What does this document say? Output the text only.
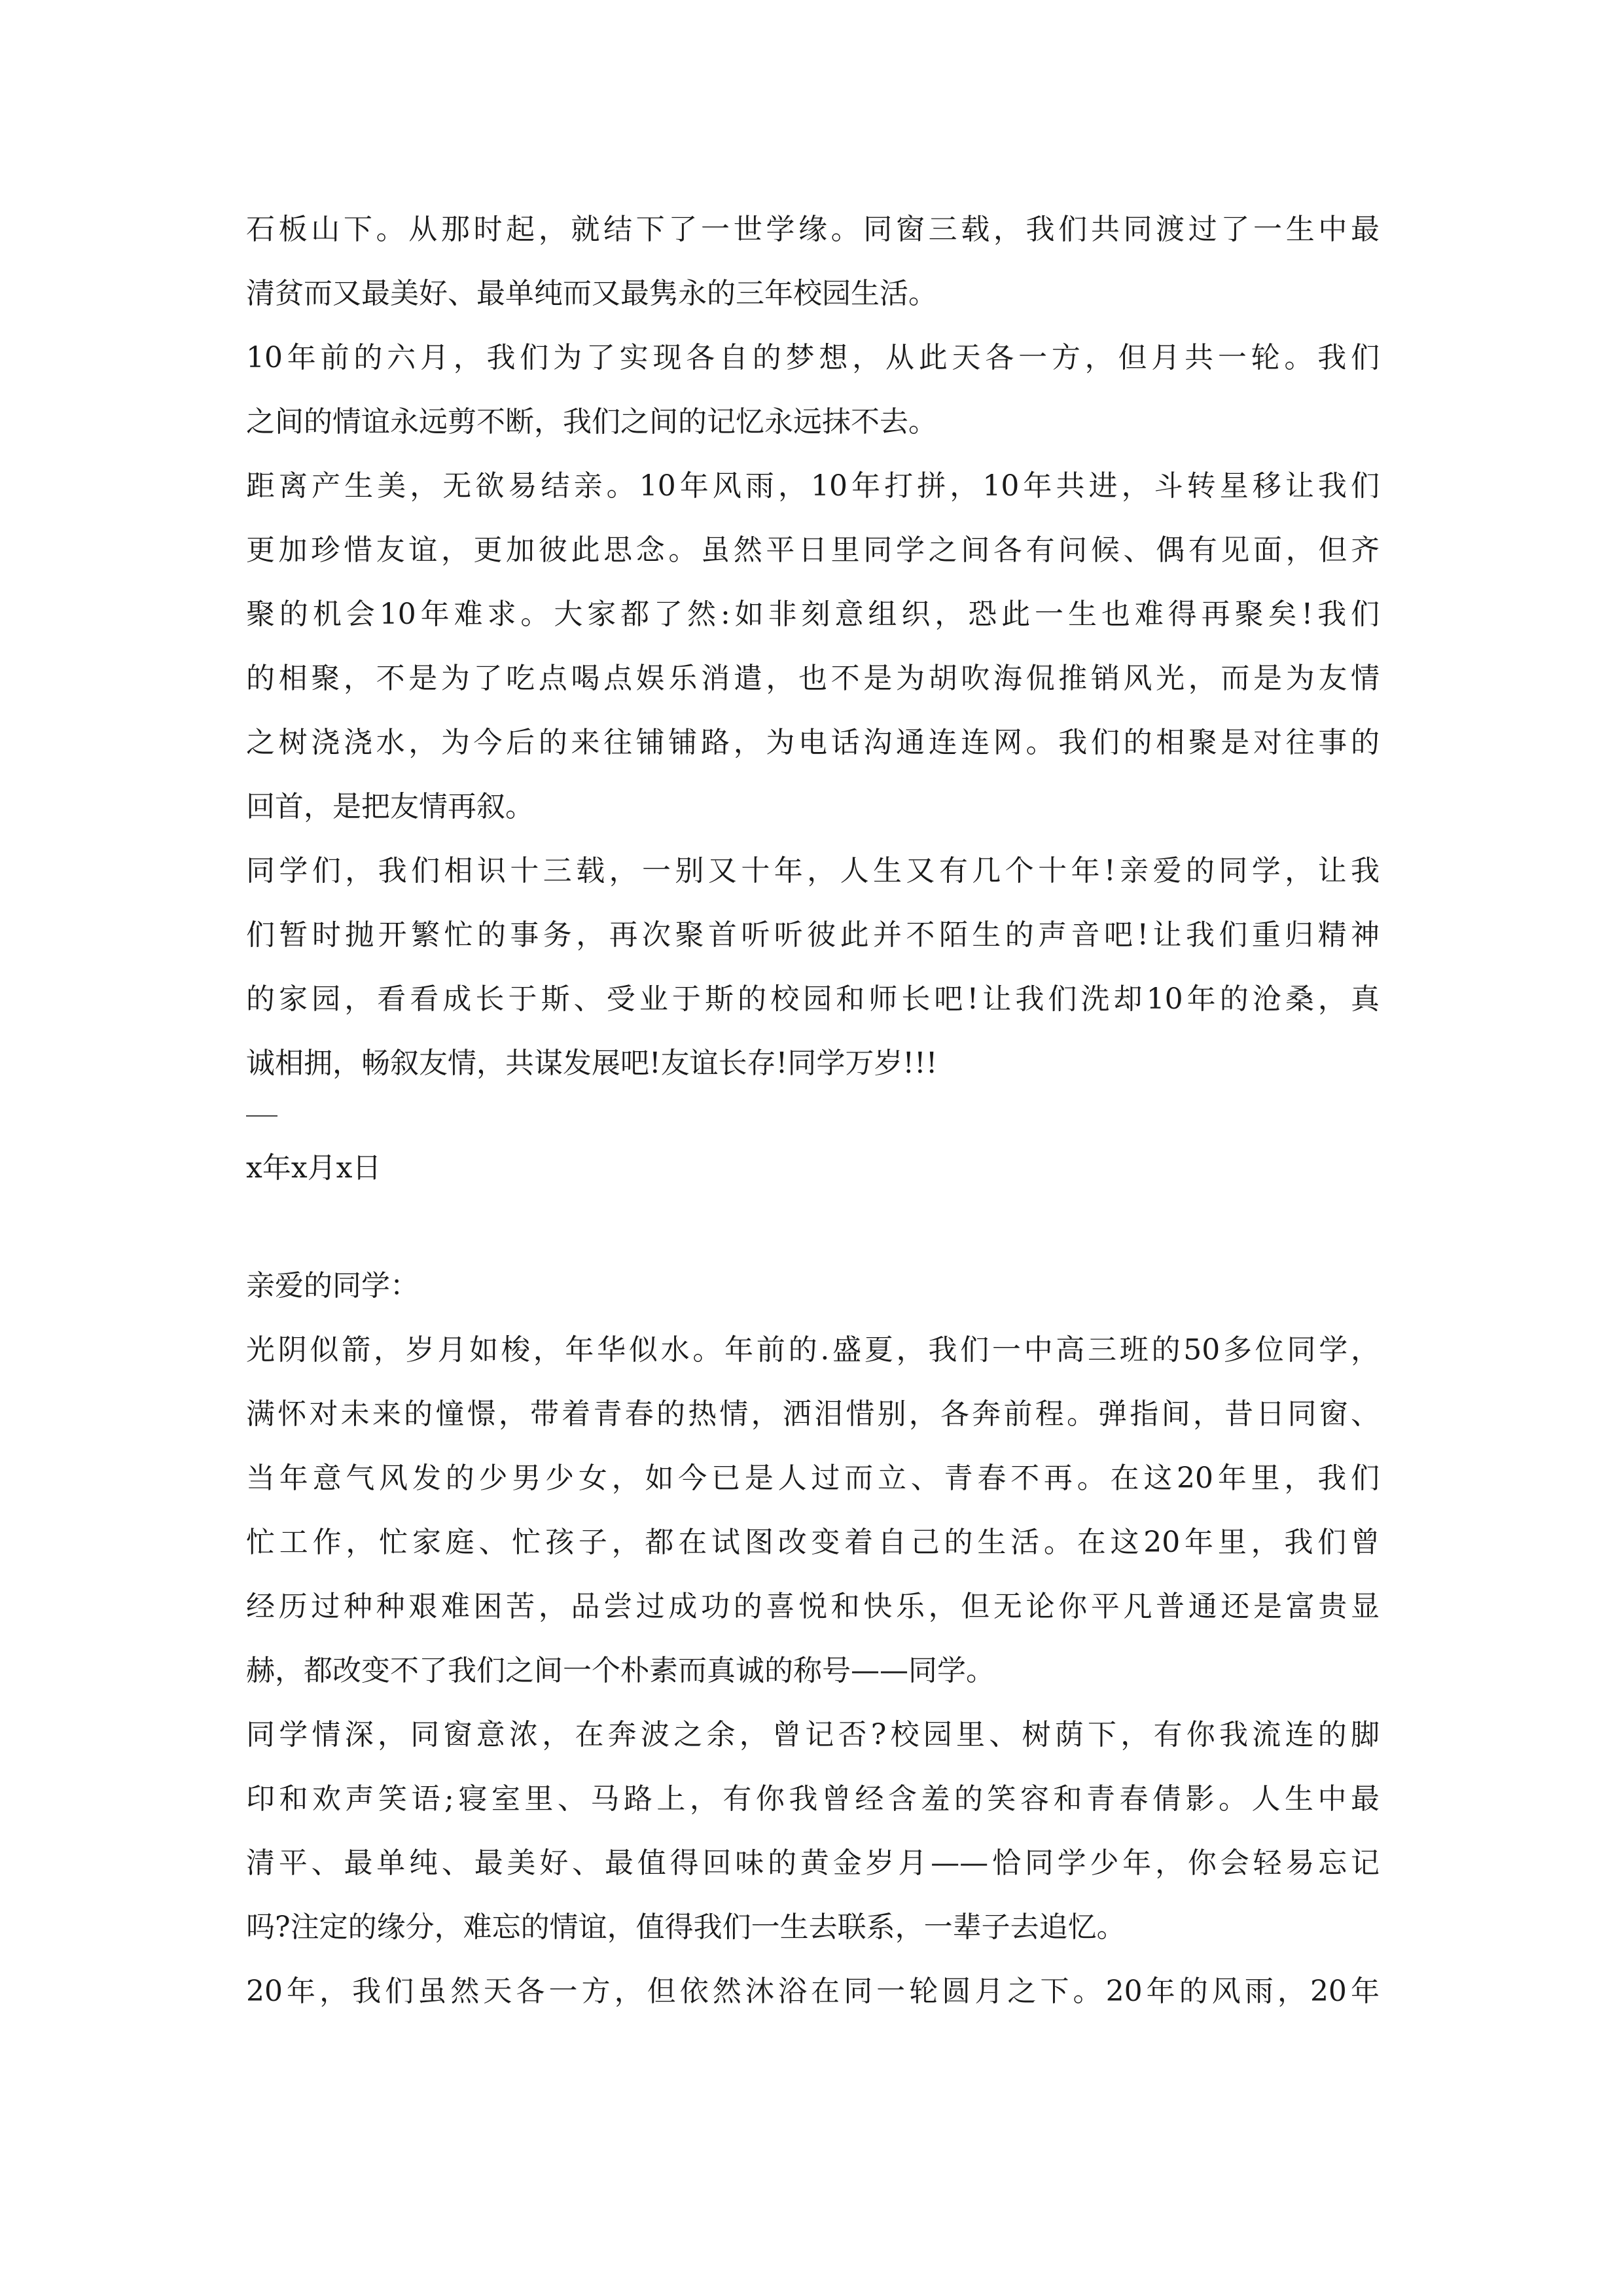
石板山下。从那时起，就结下了一世学缘。同窗三载，我们共同渡过了一生中最
清贫而又最美好、最单纯而又最隽永的三年校园生活。
10年前的六月，我们为了实现各自的梦想，从此天各一方，但月共一轮。我们
之间的情谊永远剪不断，我们之间的记忆永远抹不去。
距离产生美，无欲易结亲。10年风雨，10年打拼，10年共进，斗转星移让我们
更加珍惜友谊，更加彼此思念。虽然平日里同学之间各有问候、偶有见面，但齐
聚的机会10年难求。大家都了然:如非刻意组织，恐此一生也难得再聚矣!我们
的相聚，不是为了吃点喝点娱乐消遣，也不是为胡吹海侃推销风光，而是为友情
之树浇浇水，为今后的来往铺铺路，为电话沟通连连网。我们的相聚是对往事的
回首，是把友情再叙。
同学们，我们相识十三载，一别又十年，人生又有几个十年!亲爱的同学，让我
们暂时抛开繁忙的事务，再次聚首听听彼此并不陌生的声音吧!让我们重归精神
的家园，看看成长于斯、受业于斯的校园和师长吧!让我们洗却10年的沧桑，真
诚相拥，畅叙友情，共谋发展吧!友谊长存!同学万岁!!!
x年x月x日
亲爱的同学：
光阴似箭，岁月如梭，年华似水。年前的.盛夏，我们一中高三班的50多位同学，
满怀对未来的憧憬，带着青春的热情，洒泪惜别，各奔前程。弹指间，昔日同窗、
当年意气风发的少男少女，如今已是人过而立、青春不再。在这20年里，我们
忙工作，忙家庭、忙孩子，都在试图改变着自己的生活。在这20年里，我们曾
经历过种种艰难困苦，品尝过成功的喜悦和快乐，但无论你平凡普通还是富贵显
赫，都改变不了我们之间一个朴素而真诚的称号——同学。
同学情深，同窗意浓，在奔波之余，曾记否?校园里、树荫下，有你我流连的脚
印和欢声笑语;寝室里、马路上，有你我曾经含羞的笑容和青春倩影。人生中最
清平、最单纯、最美好、最值得回味的黄金岁月——恰同学少年，你会轻易忘记
吗?注定的缘分，难忘的情谊，值得我们一生去联系，一辈子去追忆。
20年，我们虽然天各一方，但依然沐浴在同一轮圆月之下。20年的风雨，20年
